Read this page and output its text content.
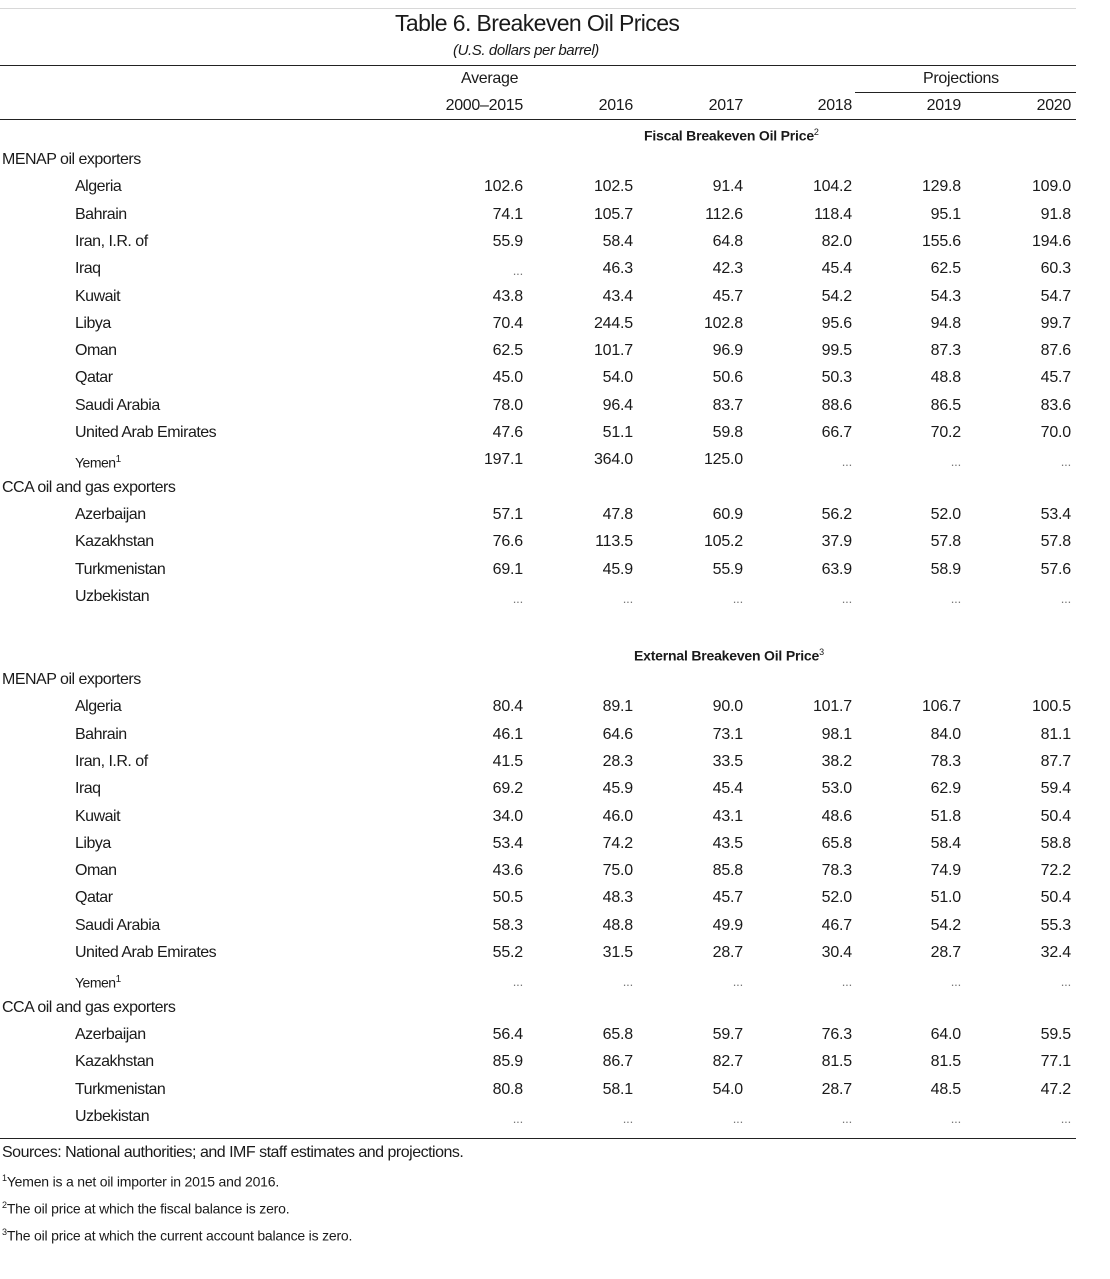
Table 6. Breakeven Oil Prices
(U.S. dollars per barrel)
Average	Projections
2000–2015	2016	2017	2018	2019	2020
Fiscal Breakeven Oil Price$^2$
MENAP oil exporters
Algeria	102.6	102.5	91.4	104.2	129.8	109.0
Bahrain	74.1	105.7	112.6	118.4	95.1	91.8
Iran, I.R. of	55.9	58.4	64.8	82.0	155.6	194.6
Iraq	...	46.3	42.3	45.4	62.5	60.3
Kuwait	43.8	43.4	45.7	54.2	54.3	54.7
Libya	70.4	244.5	102.8	95.6	94.8	99.7
Oman	62.5	101.7	96.9	99.5	87.3	87.6
Qatar	45.0	54.0	50.6	50.3	48.8	45.7
Saudi Arabia	78.0	96.4	83.7	88.6	86.5	83.6
United Arab Emirates	47.6	51.1	59.8	66.7	70.2	70.0
Yemen$^1$	197.1	364.0	125.0	...	...	...
CCA oil and gas exporters
Azerbaijan	57.1	47.8	60.9	56.2	52.0	53.4
Kazakhstan	76.6	113.5	105.2	37.9	57.8	57.8
Turkmenistan	69.1	45.9	55.9	63.9	58.9	57.6
Uzbekistan	...	...	...	...	...	...
External Breakeven Oil Price$^3$
MENAP oil exporters
Algeria	80.4	89.1	90.0	101.7	106.7	100.5
Bahrain	46.1	64.6	73.1	98.1	84.0	81.1
Iran, I.R. of	41.5	28.3	33.5	38.2	78.3	87.7
Iraq	69.2	45.9	45.4	53.0	62.9	59.4
Kuwait	34.0	46.0	43.1	48.6	51.8	50.4
Libya	53.4	74.2	43.5	65.8	58.4	58.8
Oman	43.6	75.0	85.8	78.3	74.9	72.2
Qatar	50.5	48.3	45.7	52.0	51.0	50.4
Saudi Arabia	58.3	48.8	49.9	46.7	54.2	55.3
United Arab Emirates	55.2	31.5	28.7	30.4	28.7	32.4
Yemen$^1$	...	...	...	...	...	...
CCA oil and gas exporters
Azerbaijan	56.4	65.8	59.7	76.3	64.0	59.5
Kazakhstan	85.9	86.7	82.7	81.5	81.5	77.1
Turkmenistan	80.8	58.1	54.0	28.7	48.5	47.2
Uzbekistan	...	...	...	...	...	...
Sources: National authorities; and IMF staff estimates and projections.
$^1$Yemen is a net oil importer in 2015 and 2016.
$^2$The oil price at which the fiscal balance is zero.
$^3$The oil price at which the current account balance is zero.
